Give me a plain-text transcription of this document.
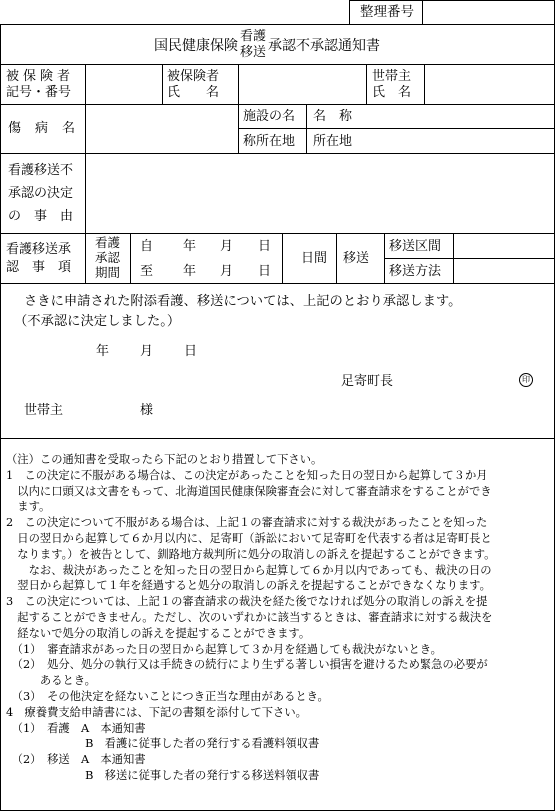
整理番号
国民健康保険
看護
移送 承認不承認通知書
被保険者
記号・番号
被保険者
氏　　名
世帯主
氏　名
傷病名
施設の名
称所在地
名　称
所在地
看護移送不
承認の決定
の　事　由
看護移送承
認　事　項
看護
承認
期間
自 年 月 日
至 年 月 日
日間 移送
移送区間
移送方法
さきに申請された附添看護、移送については、上記のとおり承認します。
（不承認に決定しました。）
年 月 日
足寄町長	印
世帯主	様

（注）この通知書を受取ったら下記のとおり措置して下さい。

1　この決定に不服がある場合は、この決定があったことを知った日の翌日から起算して３か月

　以内に口頭又は文書をもって、北海道国民健康保険審査会に対して審査請求をすることができ

　ます。

2　この決定について不服がある場合は、上記１の審査請求に対する裁決があったことを知った

　日の翌日から起算して６か月以内に、足寄町（訴訟において足寄町を代表する者は足寄町長と

　なります。）を被告として、釧路地方裁判所に処分の取消しの訴えを提起することができます。

　　なお、裁決があったことを知った日の翌日から起算して６か月以内であっても、裁決の日の

　翌日から起算して１年を経過すると処分の取消しの訴えを提起することができなくなります。

3　この決定については、上記１の審査請求の裁決を経た後でなければ処分の取消しの訴えを提

　起することができません。ただし、次のいずれかに該当するときは、審査請求に対する裁決を

　経ないで処分の取消しの訴えを提起することができます。

　（1）　審査請求があった日の翌日から起算して３か月を経過しても裁決がないとき。

　（2）　処分、処分の執行又は手続きの続行により生ずる著しい損害を避けるため緊急の必要が

　　　あるとき。

　（3）　その他決定を経ないことにつき正当な理由があるとき。

4　療養費支給申請書には、下記の書類を添付して下さい。

　（1）　看護　A　本通知書

　　　　　　　B　看護に従事した者の発行する看護料領収書

　（2）　移送　A　本通知書

　　　　　　　B　移送に従事した者の発行する移送料領収書
